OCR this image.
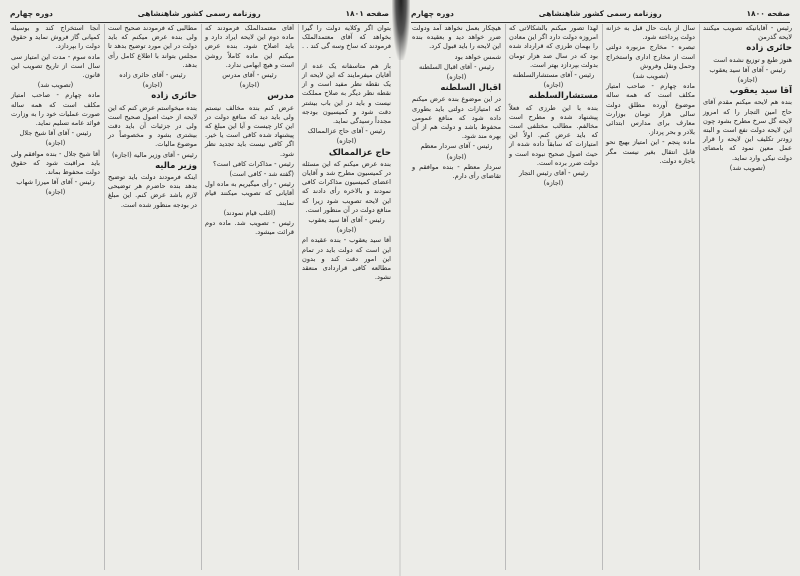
صفحه ۱۸۰۱
روزنامه رسمی کشور شاهنشاهی
دوره چهارم

بتوان اگر وکلایه دولت را گیرا بخواهد که آقای معتمدالملک فرمودند که ساخ وسه گی کند . . .

باز هم متاسفانه یک عده از آقایان میفرمایند که این لایحه از یک نقطه نظر مفید است و از نقطه نظر دیگر به صلاح مملکت نیست و باید در این باب بیشتر دقت شود و کمیسیون بودجه مجدداً رسیدگی نماید.

رئیس - آقای حاج عزالممالک

(اجازه)

حاج عزالممالک

بنده عرض میکنم که این مسئله در کمیسیون مطرح شد و آقایان اعضای کمیسیون مذاکرات کافی نمودند و بالاخره رأی دادند که این لایحه تصویب شود زیرا که منافع دولت در آن منظور است.

رئیس - آقای آقا سید یعقوب

(اجازه)

آقا سید یعقوب - بنده عقیده ام این است که دولت باید در تمام این امور دقت کند و بدون مطالعه کافی قراردادی منعقد نشود.

آقای معتمدالملک فرمودند که ماده دوم این لایحه ایراد دارد و باید اصلاح شود. بنده عرض میکنم این ماده کاملاً روشن است و هیچ ابهامی ندارد.

رئیس - آقای مدرس

(اجازه)

مدرس

عرض کنم بنده مخالف نیستم ولی باید دید که منافع دولت در این کار چیست و آیا این مبلغ که پیشنهاد شده کافی است یا خیر. اگر کافی نیست باید تجدید نظر شود.

رئیس - مذاکرات کافی است؟

(گفته شد - کافی است)

رئیس - رأی میگیریم به ماده اول آقایانی که تصویب میکنند قیام نمایند.

(اغلب قیام نمودند)

رئیس - تصویب شد. ماده دوم قرائت میشود.

مطالبی که فرمودند صحیح است ولی بنده عرض میکنم که باید دولت در این مورد توضیح بدهد تا مجلس بتواند با اطلاع کامل رأی بدهد.

رئیس - آقای حائری زاده

(اجازه)

حائری زاده

بنده میخواستم عرض کنم که این لایحه از حیث اصول صحیح است ولی در جزئیات آن باید دقت بیشتری بشود و مخصوصاً در موضوع مالیات.

رئیس - آقای وزیر مالیه (اجازه)

وزیر مالیه

اینکه فرمودند دولت باید توضیح بدهد بنده حاضرم هر توضیحی لازم باشد عرض کنم. این مبلغ در بودجه منظور شده است.

آنجا استخراج کند و بوسیله کمپانی گاز فروش نماید و حقوق دولت را بپردازد.

ماده سوم - مدت این امتیاز سی سال است از تاریخ تصویب این قانون.

(تصویب شد)

ماده چهارم - صاحب امتیاز مکلف است که همه ساله صورت عملیات خود را به وزارت فوائد عامه تسلیم نماید.

رئیس - آقای آقا شیخ جلال

(اجازه)

آقا شیخ جلال - بنده موافقم ولی باید مراقبت شود که حقوق دولت محفوظ بماند.

رئیس - آقای آقا میرزا شهاب

(اجازه)

صفحه ۱۸۰۰
روزنامه رسمی کشور شاهنشاهی
دوره چهارم

رئیس - آقایانیکه تصویب میکنند لایحه گذرمن

حائری زاده

هنوز طبع و توزیع نشده است

رئیس - آقای آقا سید یعقوب

(اجازه)

آقا سید یعقوب

بنده هم لایحه میکنم مقدم آقای حاج امین التجار را که امروز لایحه گل سرخ مطرح بشود چون این لایحه دولت نفع است و البته زودتر تکلیف این لایحه را قرار عمل معین نمود که بامضای دولت نیکی وارد نماید.

(تصویب شد)

سال از بابت حال قبل به خزانه دولت پرداخته شود.

تبصره - مخارج مزبوره دولتی است از مخارج اداری واستخراج وحمل ونقل وفروش

(تصویب شد)

ماده چهارم - صاحب امتیاز مکلف است که همه ساله موضوع آورده مطلق دولت سالی هزار تومان بوزارت معارف برای مدارس ابتدائی بلادر و بحر پرداز.

ماده پنجم - این امتیاز بهیچ نحو قابل انتقال بغیر نیست مگر باجازه دولت.

لهذا تصور میکنم بالشکالاتی که امروزه دولت دارد اگر این معادن را بهمان طرزی که قرارداد شده بود که در سال صد هزار تومان بدولت بپردازد بهتر است.

رئیس - آقای مستشارالسلطنه

(اجازه)

مستشارالسلطنه

بنده با این طرزی که فعلاً پیشنهاد شده و مطرح است مخالفم. مطالب مختلفی است که باید عرض کنم. اولاً این امتیازات که سابقاً داده شده از حیث اصول صحیح نبوده است و دولت ضرر برده است.

رئیس - آقای رئیس التجار

(اجازه)

هیچکار بعمل نخواهد آمد ودولت ضرر خواهد دید و بعقیده بنده این لایحه را باید قبول کرد.

شمس خواهد بود

رئیس - آقای اقبال السلطنه

(اجازه)

اقبال السلطنه

در این موضوع بنده عرض میکنم که امتیازات دولتی باید بطوری داده شود که منافع عمومی محفوظ باشد و دولت هم از آن بهره مند شود.

رئیس - آقای سردار معظم

(اجازه)

سردار معظم - بنده موافقم و تقاضای رأی دارم.
